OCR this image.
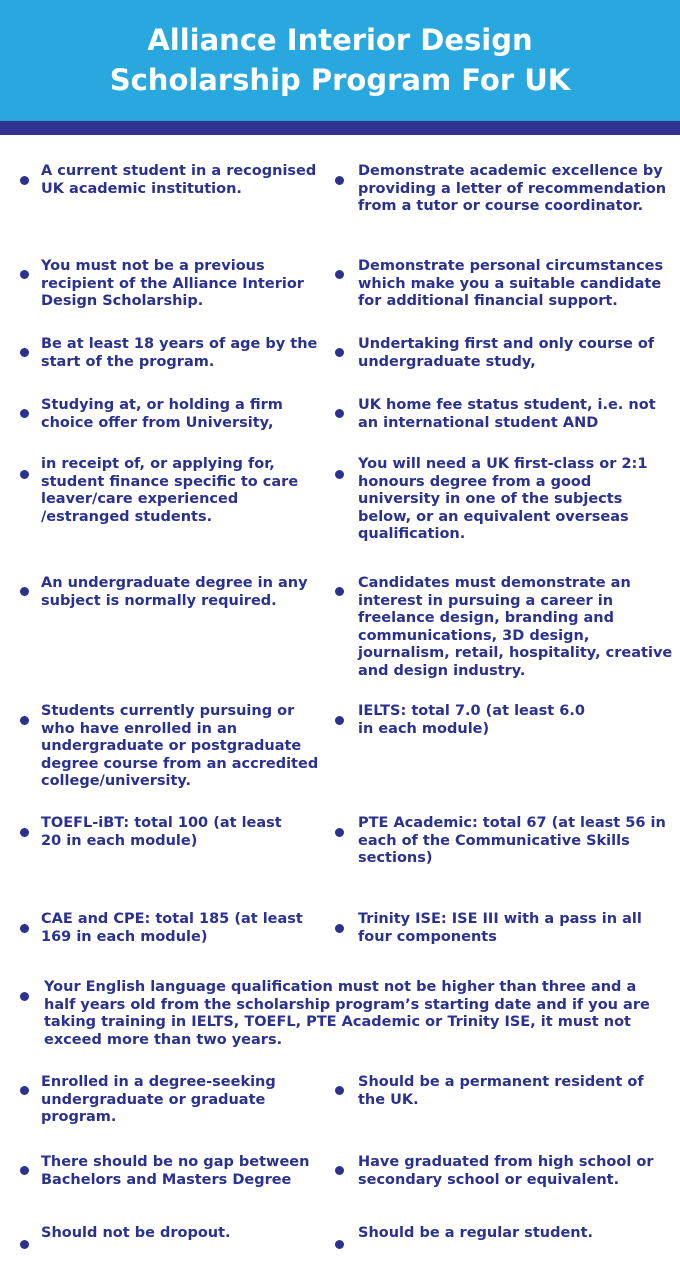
Alliance Interior Design
Scholarship Program For UK
A current student in a recognised UK academic institution.
Demonstrate academic excellence by providing a letter of recommendation from a tutor or course coordinator.
You must not be a previous recipient of the Alliance Interior Design Scholarship.
Demonstrate personal circumstances which make you a suitable candidate for additional financial support.
Be at least 18 years of age by the start of the program.
Undertaking first and only course of undergraduate study,
Studying at, or holding a firm choice offer from University,
UK home fee status student, i.e. not an international student AND
in receipt of, or applying for, student finance specific to care leaver/care experienced /estranged students.
You will need a UK first-class or 2:1 honours degree from a good university in one of the subjects below, or an equivalent overseas qualification.
An undergraduate degree in any subject is normally required.
Candidates must demonstrate an interest in pursuing a career in freelance design, branding and communications, 3D design, journalism, retail, hospitality, creative and design industry.
Students currently pursuing or who have enrolled in an undergraduate or postgraduate degree course from an accredited college/university.
IELTS: total 7.0 (at least 6.0 in each module)
TOEFL-iBT: total 100 (at least 20 in each module)
PTE Academic: total 67 (at least 56 in each of the Communicative Skills sections)
CAE and CPE: total 185 (at least 169 in each module)
Trinity ISE: ISE III with a pass in all four components
Your English language qualification must not be higher than three and a half years old from the scholarship program’s starting date and if you are taking training in IELTS, TOEFL, PTE Academic or Trinity ISE, it must not exceed more than two years.
Enrolled in a degree-seeking undergraduate or graduate program.
Should be a permanent resident of the UK.
There should be no gap between Bachelors and Masters Degree
Have graduated from high school or secondary school or equivalent.
Should not be dropout.	Should be a regular student.
